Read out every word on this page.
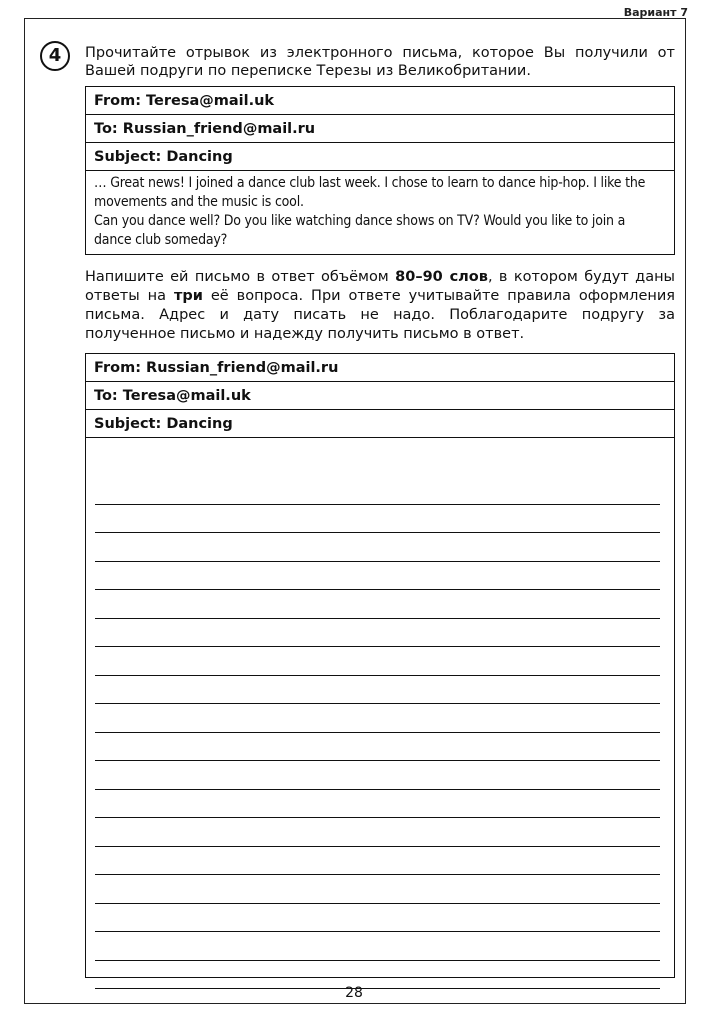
Вариант 7
4	Прочитайте отрывок из электронного письма, которое Вы получили от Вашей подруги по переписке Терезы из Великобритании.
From: Teresa@mail.uk
To: Russian_friend@mail.ru
Subject: Dancing
… Great news! I joined a dance club last week. I chose to learn to dance hip-hop. I like the movements and the music is cool.
Can you dance well? Do you like watching dance shows on TV? Would you like to join a dance club someday?
Напишите ей письмо в ответ объёмом 80–90 слов, в котором будут даны ответы на три её вопроса. При ответе учитывайте правила оформления письма. Адрес и дату писать не надо. Поблагодарите подругу за полученное письмо и надежду получить письмо в ответ.
From: Russian_friend@mail.ru
To: Teresa@mail.uk
Subject: Dancing
28
